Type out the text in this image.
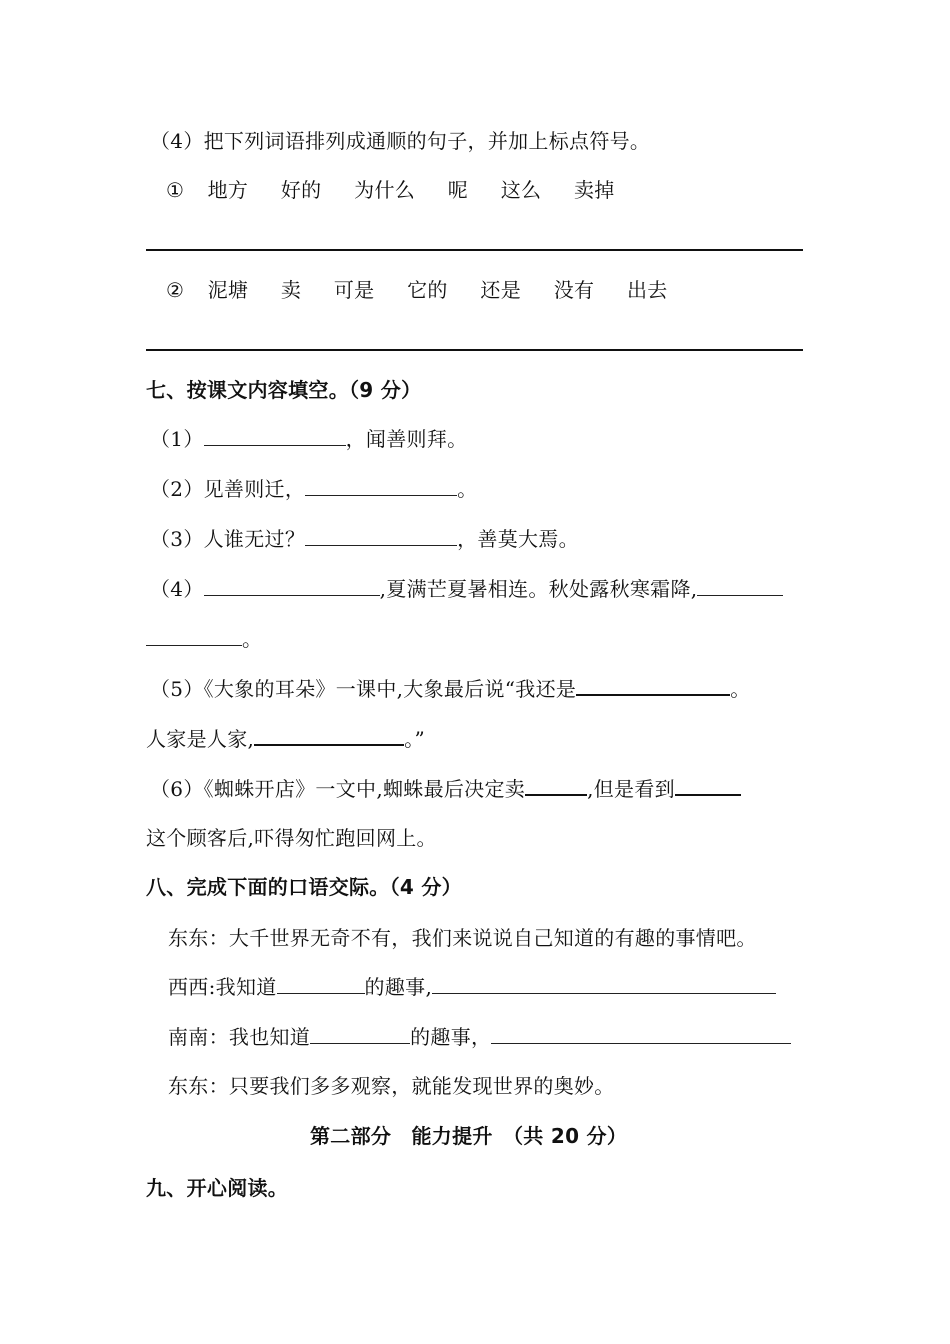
（4）把下列词语排列成通顺的句子，并加上标点符号。
① 地方 好的 为什么 呢 这么 卖掉
② 泥塘 卖 可是 它的 还是 没有 出去
七、按课文内容填空。（9 分）
（1）	，闻善则拜。
（2）见善则迁，	。
（3）人谁无过？	，善莫大焉。
（4）	,夏满芒夏暑相连。秋处露秋寒霜降,
。
（5）《大象的耳朵》一课中,大象最后说“我还是	。
人家是人家,	。”
（6）《蜘蛛开店》一文中,蜘蛛最后决定卖	,但是看到
这个顾客后,吓得匆忙跑回网上。
八、完成下面的口语交际。（4 分）
东东：大千世界无奇不有，我们来说说自己知道的有趣的事情吧。
西西:我知道	的趣事,
南南：我也知道	的趣事，
东东：只要我们多多观察，就能发现世界的奥妙。
第二部分　能力提升　（共 20 分）
九、开心阅读。
